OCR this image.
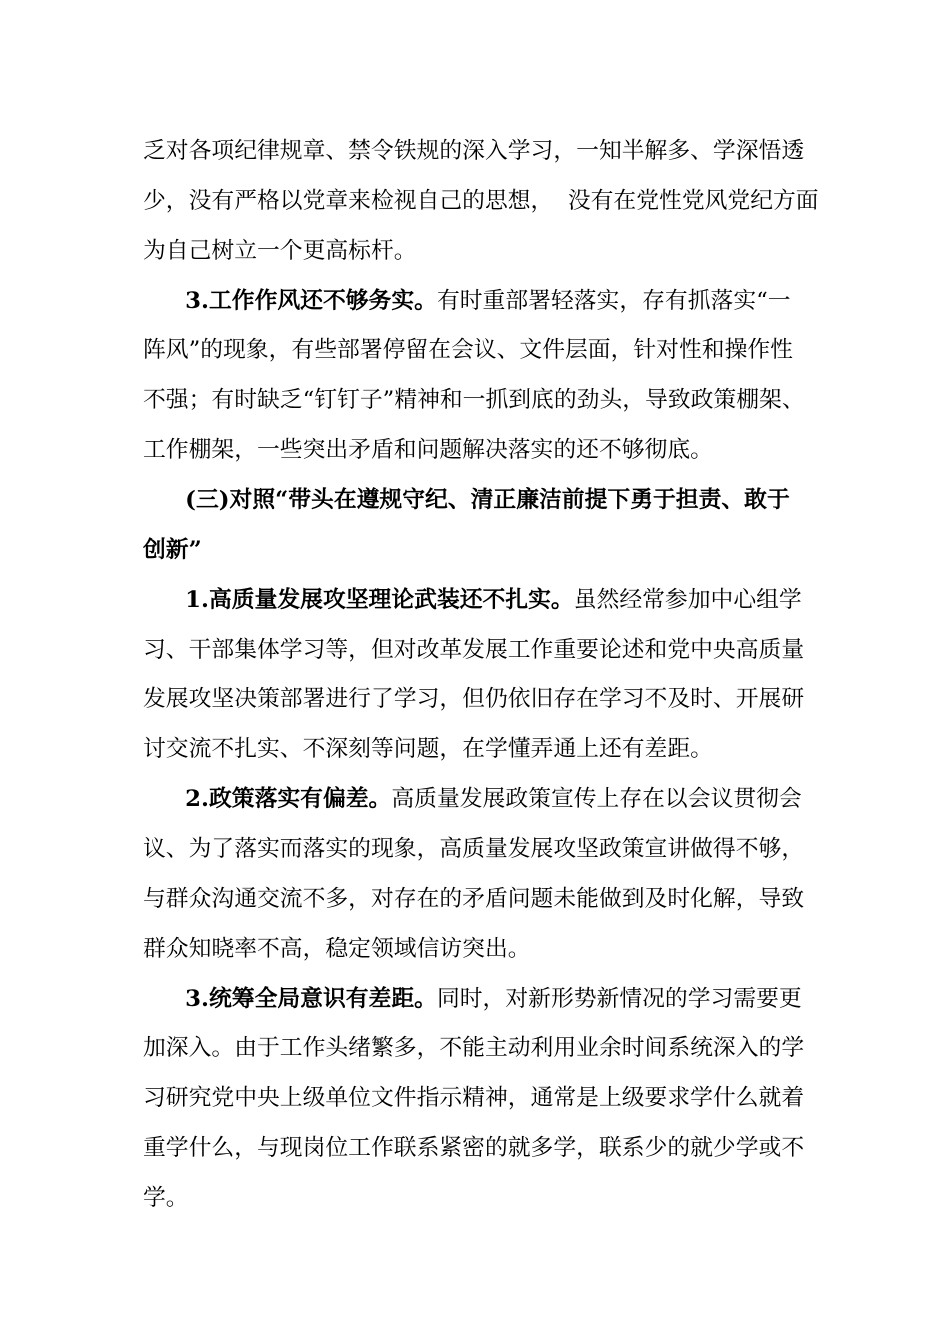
乏对各项纪律规章、禁令铁规的深入学习，一知半解多、学深悟透
少，没有严格以党章来检视自己的思想，  没有在党性党风党纪方面
为自己树立一个更高标杆。
3.工作作风还不够务实。有时重部署轻落实，存有抓落实“一
阵风”的现象，有些部署停留在会议、文件层面，针对性和操作性
不强；有时缺乏“钉钉子”精神和一抓到底的劲头，导致政策棚架、
工作棚架，一些突出矛盾和问题解决落实的还不够彻底。
(三)对照“带头在遵规守纪、清正廉洁前提下勇于担责、敢于
创新”
1.高质量发展攻坚理论武装还不扎实。虽然经常参加中心组学
习、干部集体学习等，但对改革发展工作重要论述和党中央高质量
发展攻坚决策部署进行了学习，但仍依旧存在学习不及时、开展研
讨交流不扎实、不深刻等问题，在学懂弄通上还有差距。
2.政策落实有偏差。高质量发展政策宣传上存在以会议贯彻会
议、为了落实而落实的现象，高质量发展攻坚政策宣讲做得不够，
与群众沟通交流不多，对存在的矛盾问题未能做到及时化解，导致
群众知晓率不高，稳定领域信访突出。
3.统筹全局意识有差距。同时，对新形势新情况的学习需要更
加深入。由于工作头绪繁多，不能主动利用业余时间系统深入的学
习研究党中央上级单位文件指示精神，通常是上级要求学什么就着
重学什么，与现岗位工作联系紧密的就多学，联系少的就少学或不
学。
